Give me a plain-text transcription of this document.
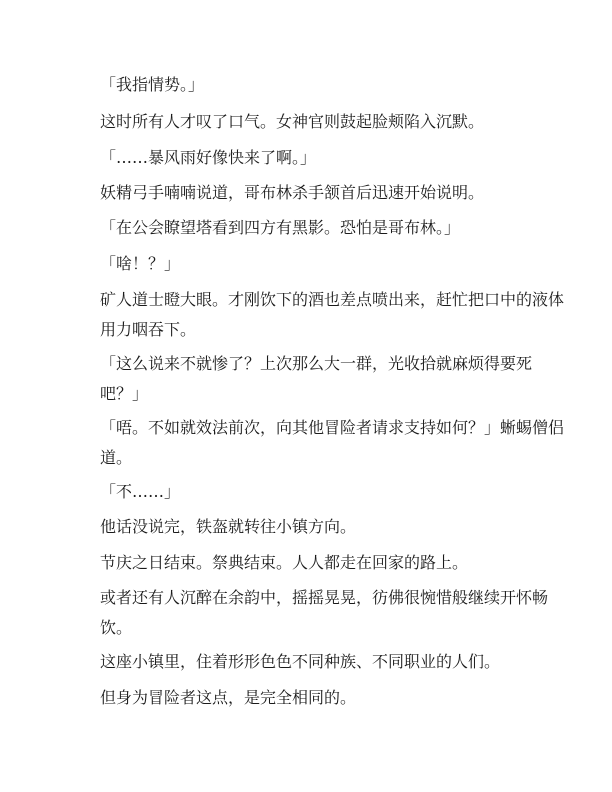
「我指情势。」

这时所有人才叹了口气。女神官则鼓起脸颊陷入沉默。

「……暴风雨好像快来了啊。」

妖精弓手喃喃说道，哥布林杀手颔首后迅速开始说明。

「在公会瞭望塔看到四方有黑影。恐怕是哥布林。」

「啥！？」

矿人道士瞪大眼。才刚饮下的酒也差点喷出来，赶忙把口中的液体
用力咽吞下。

「这么说来不就惨了？上次那么大一群，光收拾就麻烦得要死
吧？」

「唔。不如就效法前次，向其他冒险者请求支持如何？」蜥蜴僧侣
道。

「不……」

他话没说完，铁盔就转往小镇方向。

节庆之日结束。祭典结束。人人都走在回家的路上。

或者还有人沉醉在余韵中，摇摇晃晃，彷佛很惋惜般继续开怀畅
饮。

这座小镇里，住着形形色色不同种族、不同职业的人们。

但身为冒险者这点，是完全相同的。
